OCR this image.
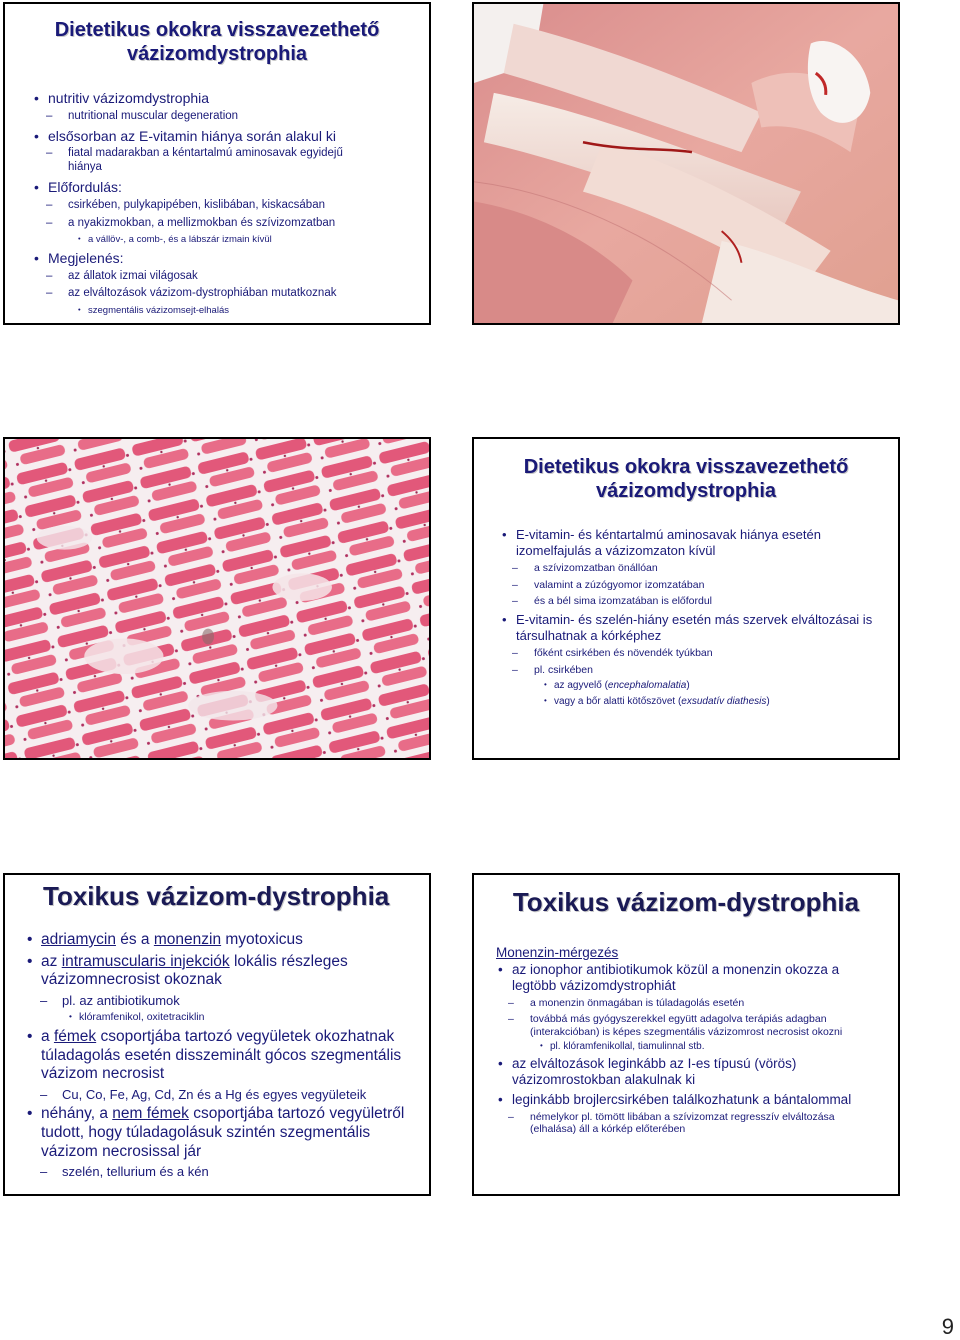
Dietetikus okokra visszavezethető
vázizomdystrophia
• nutritiv vázizomdystrophia
– nutritional muscular degeneration
• elsősorban az E-vitamin hiánya során alakul ki
– fiatal madarakban a kéntartalmú aminosavak egyidejű hiánya
• Előfordulás:
– csirkében, pulykapipében, kislibában, kiskacsában
– a nyakizmokban, a mellizmokban és szívizomzatban
• a vállöv-, a comb-, és a lábszár izmain kívül
• Megjelenés:
– az állatok izmai világosak
– az elváltozások vázizom-dystrophiában mutatkoznak
• szegmentális vázizomsejt-elhalás
Dietetikus okokra visszavezethető
vázizomdystrophia
• E-vitamin- és kéntartalmú aminosavak hiánya esetén izomelfajulás a vázizomzaton kívül
– a szívizomzatban önállóan
– valamint a zúzógyomor izomzatában
– és a bél sima izomzatában is előfordul
• E-vitamin- és szelén-hiány esetén más szervek elváltozásai is társulhatnak a kórképhez
– főként csirkében és növendék tyúkban
– pl. csirkében
• az agyvelő (encephalomalatia)
• vagy a bőr alatti kötőszövet (exsudatív diathesis)
Toxikus vázizom-dystrophia
• adriamycin és a monenzin myotoxicus
• az intramuscularis injekciók lokális részleges vázizomnecrosist okoznak
– pl. az antibiotikumok
• klóramfenikol, oxitetraciklin
• a fémek csoportjába tartozó vegyületek okozhatnak túladagolás esetén disszeminált gócos szegmentális vázizom necrosist
– Cu, Co, Fe, Ag, Cd, Zn és a Hg és egyes vegyületeik
• néhány, a nem fémek csoportjába tartozó vegyületről tudott, hogy túladagolásuk szintén szegmentális vázizom necrosissal jár
– szelén, tellurium és a kén
Toxikus vázizom-dystrophia
Monenzin-mérgezés
• az ionophor antibiotikumok közül a monenzin okozza a legtöbb vázizomdystrophiát
– a monenzin önmagában is túladagolás esetén
– továbbá más gyógyszerekkel együtt adagolva terápiás adagban (interakcióban) is képes szegmentális vázizomrost necrosist okozni
• pl. klóramfenikollal, tiamulinnal stb.
• az elváltozások leginkább az I-es típusú (vörös) vázizomrostokban alakulnak ki
• leginkább brojlercsirkében találkozhatunk a bántalommal
– némelykor pl. tömött libában a szívizomzat regresszív elváltozása (elhalása) áll a kórkép előterében
9
